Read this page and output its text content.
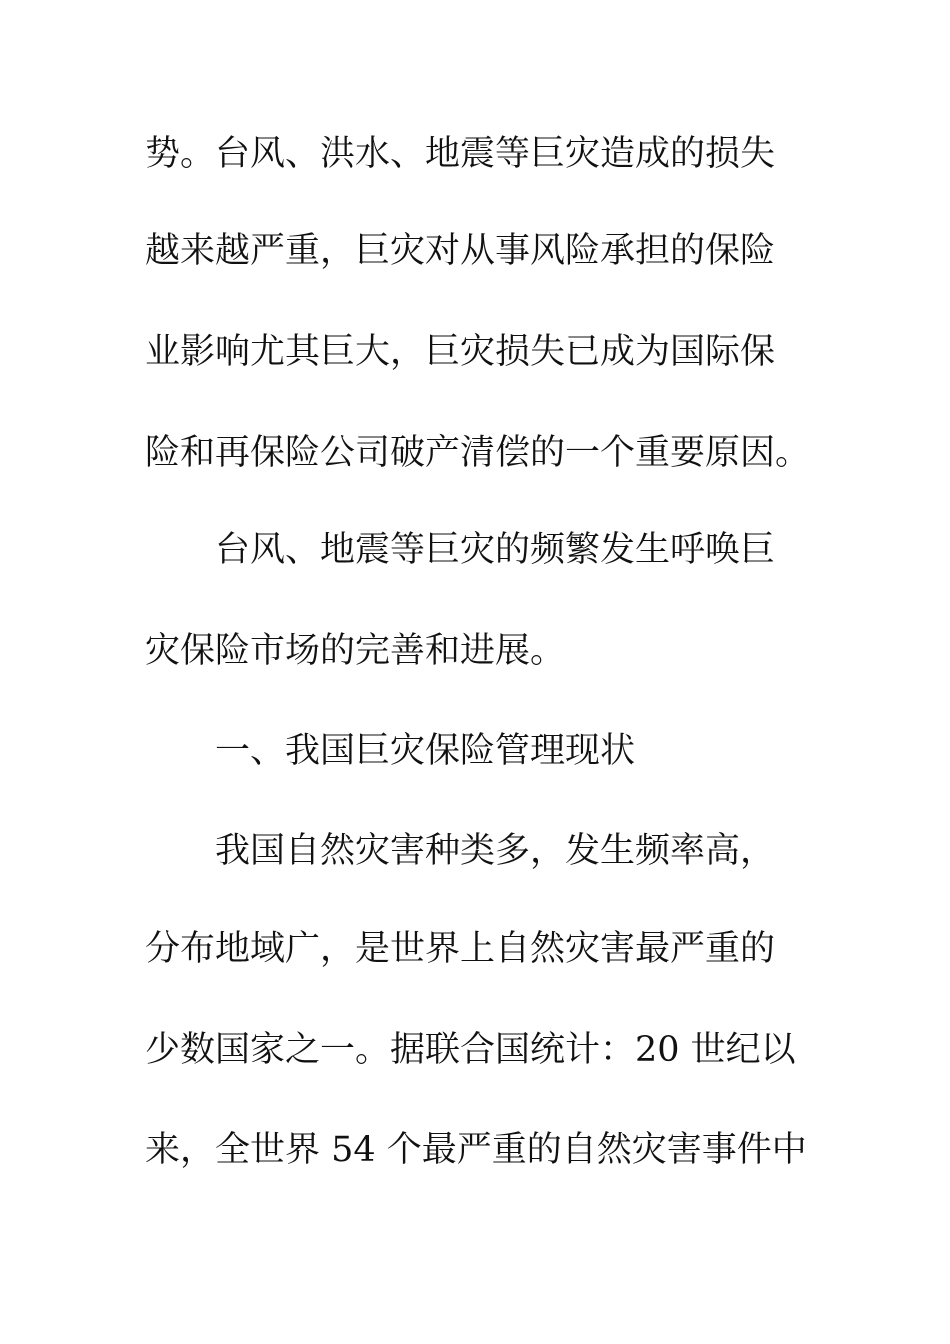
势。台风、洪水、地震等巨灾造成的损失
越来越严重，巨灾对从事风险承担的保险
业影响尤其巨大，巨灾损失已成为国际保
险和再保险公司破产清偿的一个重要原因。
台风、地震等巨灾的频繁发生呼唤巨
灾保险市场的完善和进展。
一、我国巨灾保险管理现状
我国自然灾害种类多，发生频率高，
分布地域广，是世界上自然灾害最严重的
少数国家之一。据联合国统计：20 世纪以
来，全世界 54 个最严重的自然灾害事件中
